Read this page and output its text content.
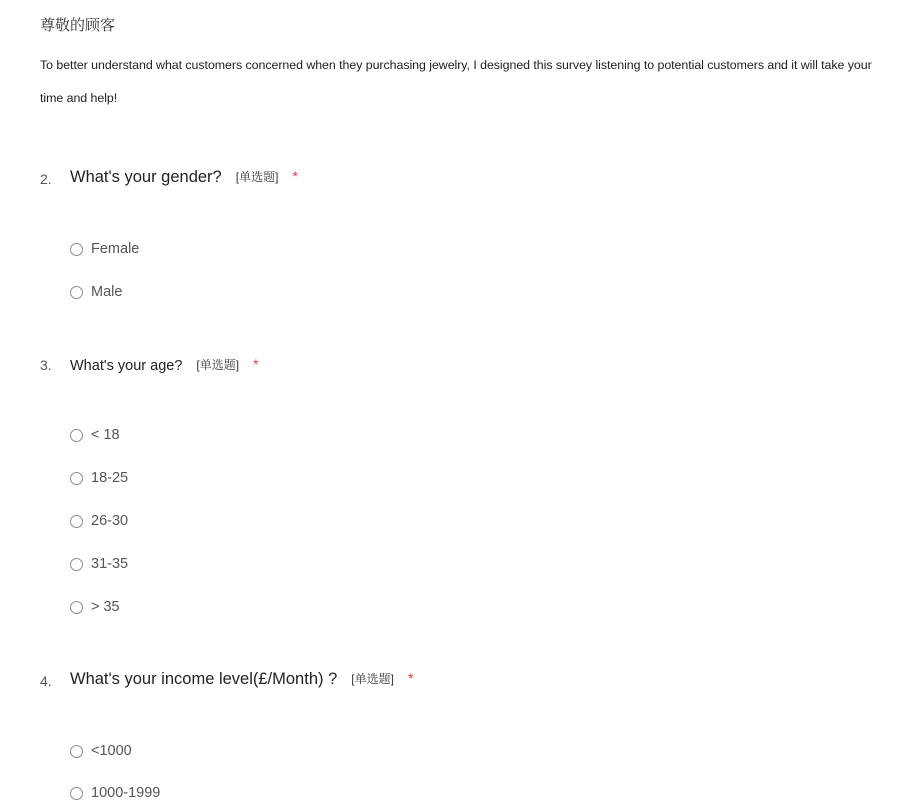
尊敬的顾客
To better understand what customers concerned when they purchasing jewelry, I designed this survey listening to potential customers and it will take your time and help!
2. What's your gender? [单选题] *
Female
Male
3. What's your age? [单选题] *
< 18
18-25
26-30
31-35
> 35
4. What's your income level(£/Month) ? [单选题] *
<1000
1000-1999
